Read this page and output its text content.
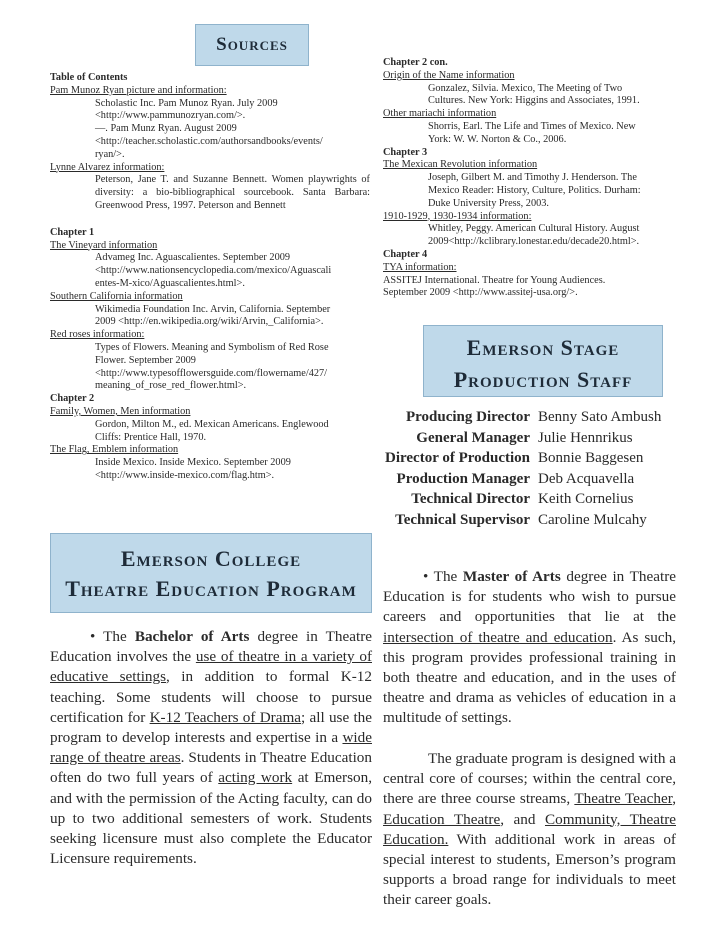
Sources
Table of Contents
Pam Munoz Ryan picture and information:
Scholastic Inc. Pam Munoz Ryan. July 2009
<http://www.pammunozryan.com/>.
—. Pam Munz Ryan. August 2009
<http://teacher.scholastic.com/authorsandbooks/events/
ryan/>.
Lynne Alvarez information:
Peterson, Jane T. and Suzanne Bennett. Women playwrights of diversity: a bio-bibliographical sourcebook. Santa Barbara: Greenwood Press, 1997. Peterson and Bennett
Chapter 1
The Vineyard information
Advameg Inc. Aguascalientes. September 2009
<http://www.nationsencyclopedia.com/mexico/Aguascali
entes-M-xico/Aguascalientes.html>.
Southern California information
Wikimedia Foundation Inc. Arvin, California. September
2009 <http://en.wikipedia.org/wiki/Arvin,_California>.
Red roses information:
Types of Flowers. Meaning and Symbolism of Red Rose
Flower. September 2009
<http://www.typesofflowersguide.com/flowername/427/
meaning_of_rose_red_flower.html>.
Chapter 2
Family, Women, Men information
Gordon, Milton M., ed. Mexican Americans. Englewood
Cliffs: Prentice Hall, 1970.
The Flag, Emblem information
Inside Mexico. Inside Mexico. September 2009
<http://www.inside-mexico.com/flag.htm>.
Chapter 2 con.
Origin of the Name information
Gonzalez, Silvia. Mexico, The Meeting of Two
Cultures. New York: Higgins and Associates, 1991.
Other mariachi information
Shorris, Earl. The Life and Times of Mexico. New
York: W. W. Norton & Co., 2006.
Chapter 3
The Mexican Revolution information
Joseph, Gilbert M. and Timothy J. Henderson. The
Mexico Reader: History, Culture, Politics. Durham:
Duke University Press, 2003.
1910-1929, 1930-1934 information:
Whitley, Peggy. American Cultural History. August
2009<http://kclibrary.lonestar.edu/decade20.html>.
Chapter 4
TYA information:
ASSITEJ International. Theatre for Young Audiences.
September 2009 <http://www.assitej-usa.org/>.
Emerson Stage
Production Staff
Producing Director Benny Sato Ambush
General Manager Julie Hennrikus
Director of Production Bonnie Baggesen
Production Manager Deb Acquavella
Technical Director Keith Cornelius
Technical Supervisor Caroline Mulcahy
Emerson College
Theatre Education Program
• The Bachelor of Arts degree in Theatre Education involves the use of theatre in a variety of educative settings, in addition to formal K-12 teaching. Some students will choose to pursue certification for K-12 Teachers of Drama; all use the program to develop interests and expertise in a wide range of theatre areas. Students in Theatre Education often do two full years of acting work at Emerson, and with the permission of the Acting faculty, can do up to two additional semesters of work. Students seeking licensure must also complete the Educator Licensure requirements.
• The Master of Arts degree in Theatre Education is for students who wish to pursue careers and opportunities that lie at the intersection of theatre and education. As such, this program provides professional training in both theatre and education, and in the uses of theatre and drama as vehicles of education in a multitude of settings.
The graduate program is designed with a central core of courses; within the central core, there are three course streams, Theatre Teacher, Education Theatre, and Community, Theatre Education. With additional work in areas of special interest to students, Emerson’s program supports a broad range for individuals to meet their career goals.
